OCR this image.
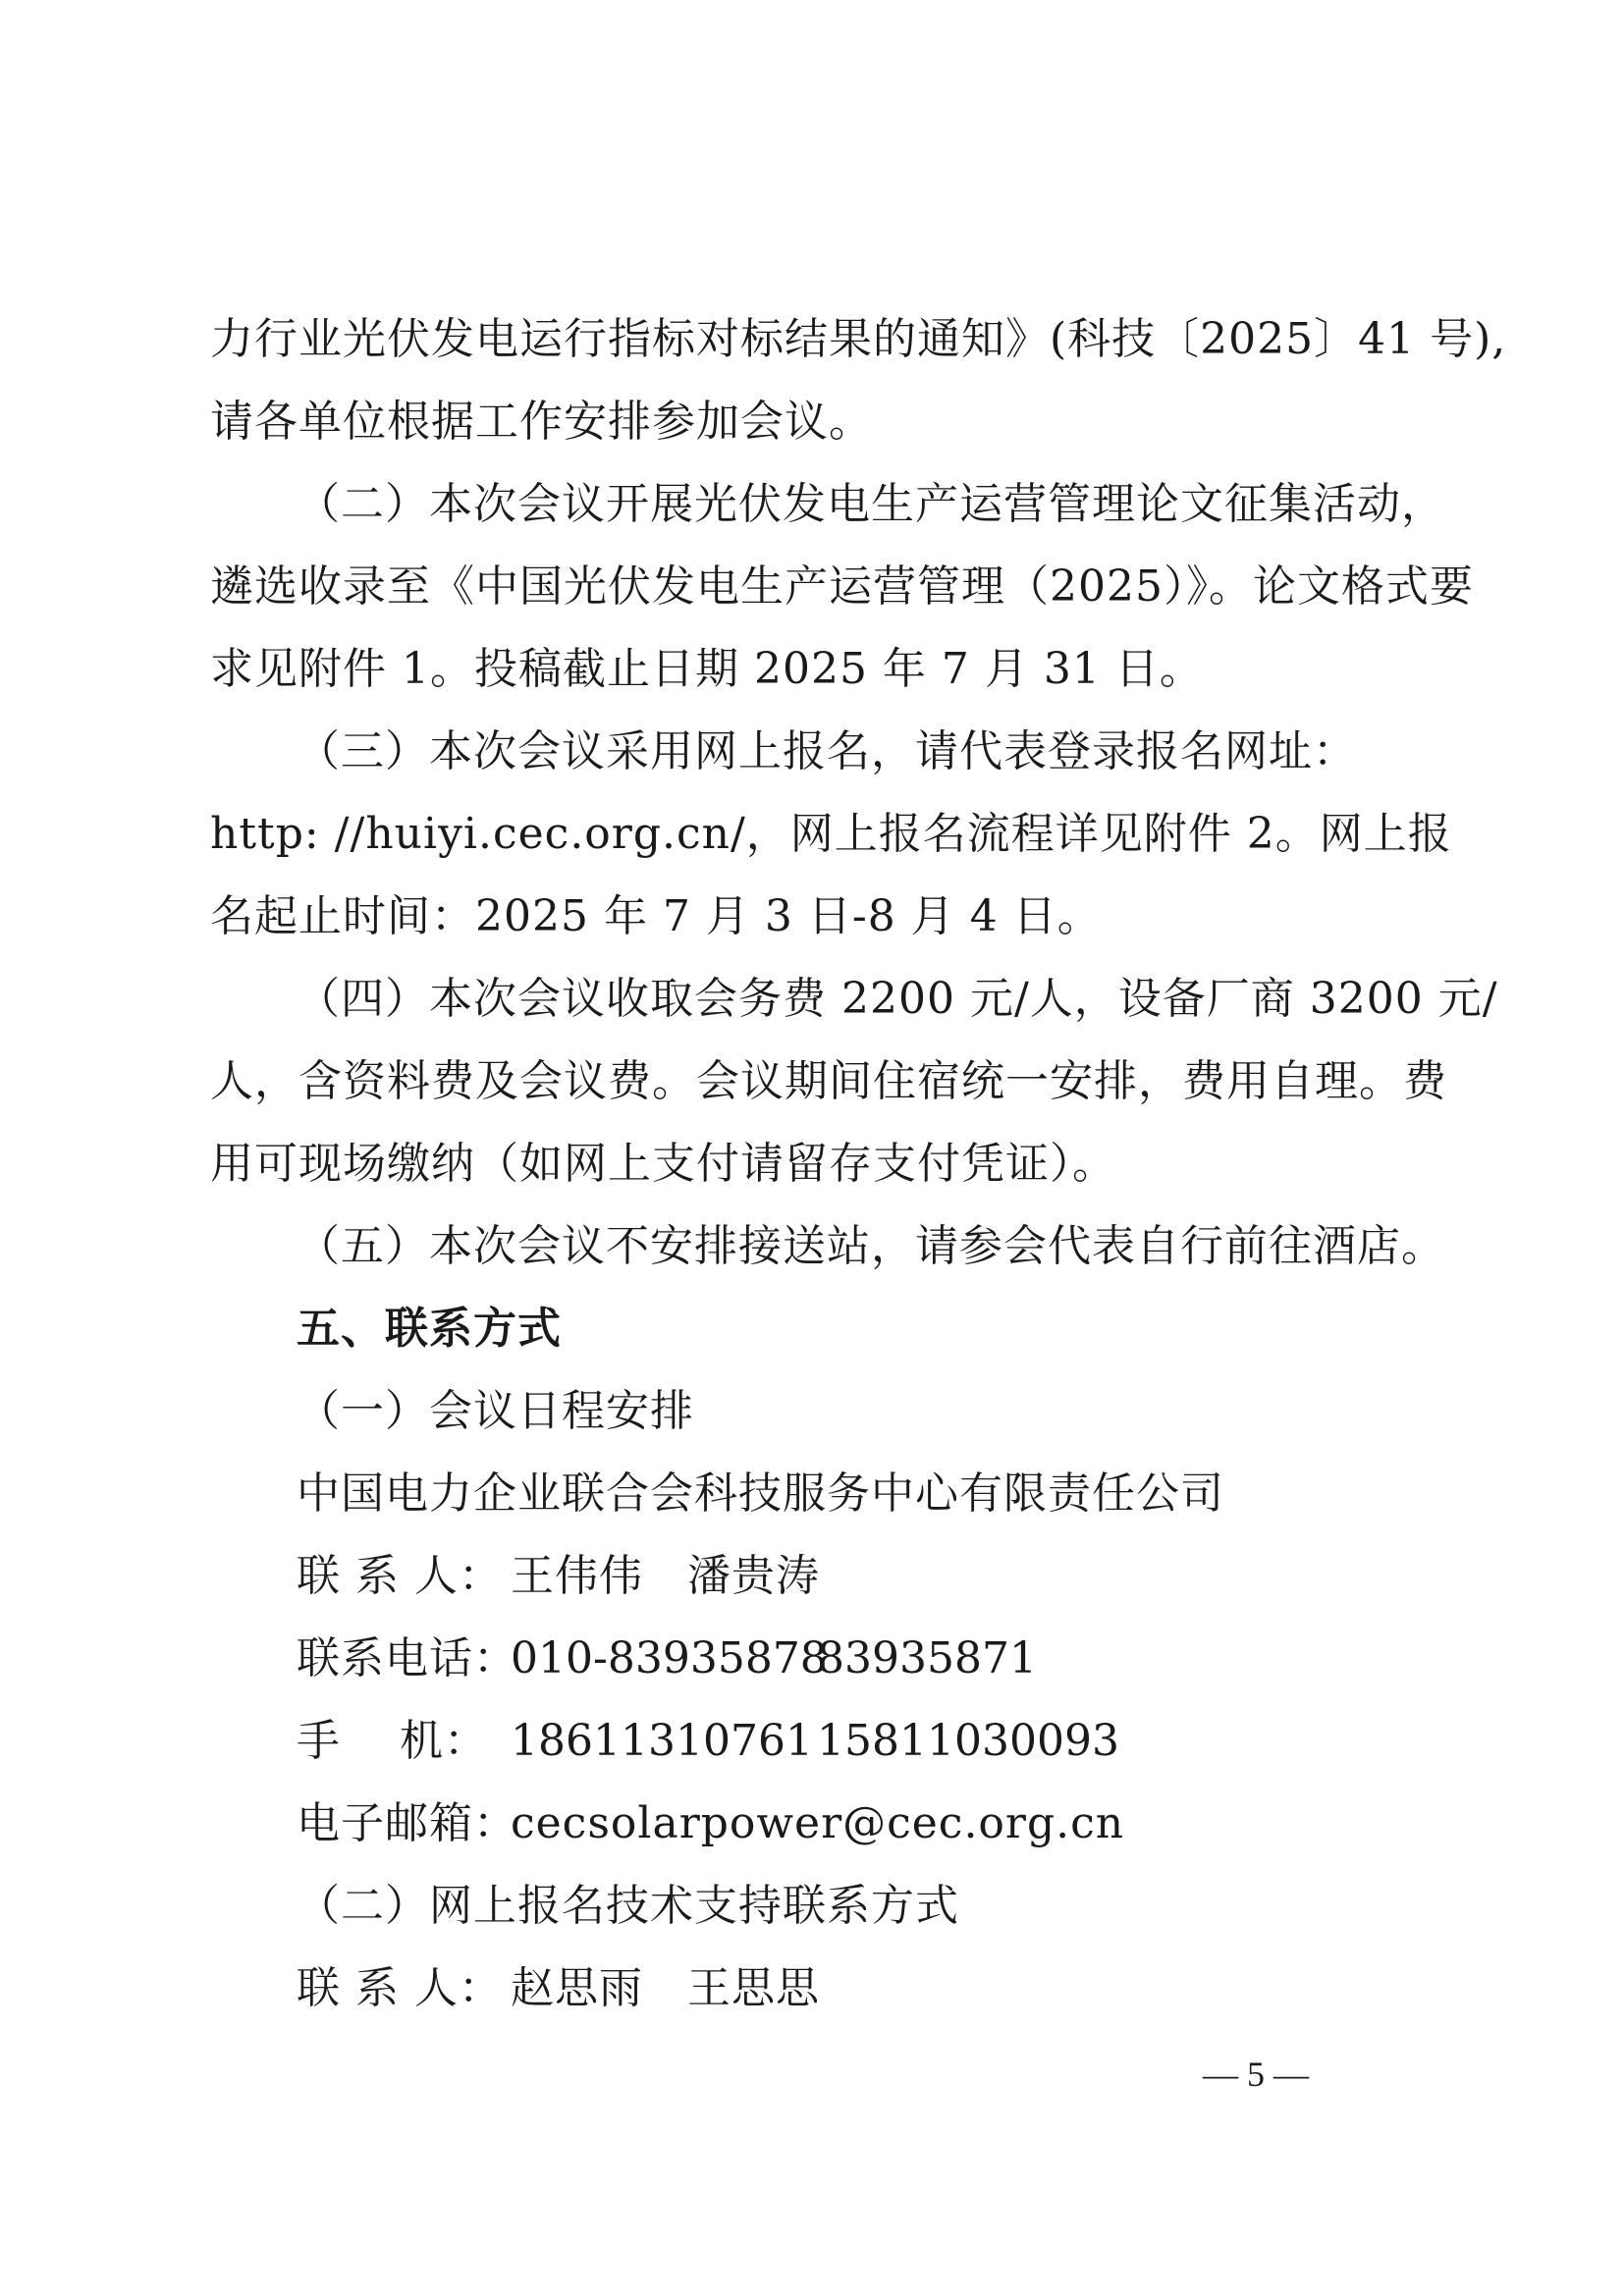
力行业光伏发电运行指标对标结果的通知》(科技〔2025〕41 号),
请各单位根据工作安排参加会议。
（二）本次会议开展光伏发电生产运营管理论文征集活动，
遴选收录至《中国光伏发电生产运营管理（2025）》。论文格式要
求见附件 1。投稿截止日期 2025 年 7 月 31 日。
（三）本次会议采用网上报名，请代表登录报名网址：
http: //huiyi.cec.org.cn/，网上报名流程详见附件 2。网上报
名起止时间：2025 年 7 月 3 日-8 月 4 日。
（四）本次会议收取会务费 2200 元/人，设备厂商 3200 元/
人，含资料费及会议费。会议期间住宿统一安排，费用自理。费
用可现场缴纳（如网上支付请留存支付凭证）。
（五）本次会议不安排接送站，请参会代表自行前往酒店。
五、联系方式
（一）会议日程安排
中国电力企业联合会科技服务中心有限责任公司
联 系 人： 王伟伟 潘贵涛
联系电话：010-8393587883935871
手    机： 1861131076115811030093
电子邮箱：cecsolarpower@cec.org.cn
（二）网上报名技术支持联系方式
联 系 人： 赵思雨 王思思
— 5 —
